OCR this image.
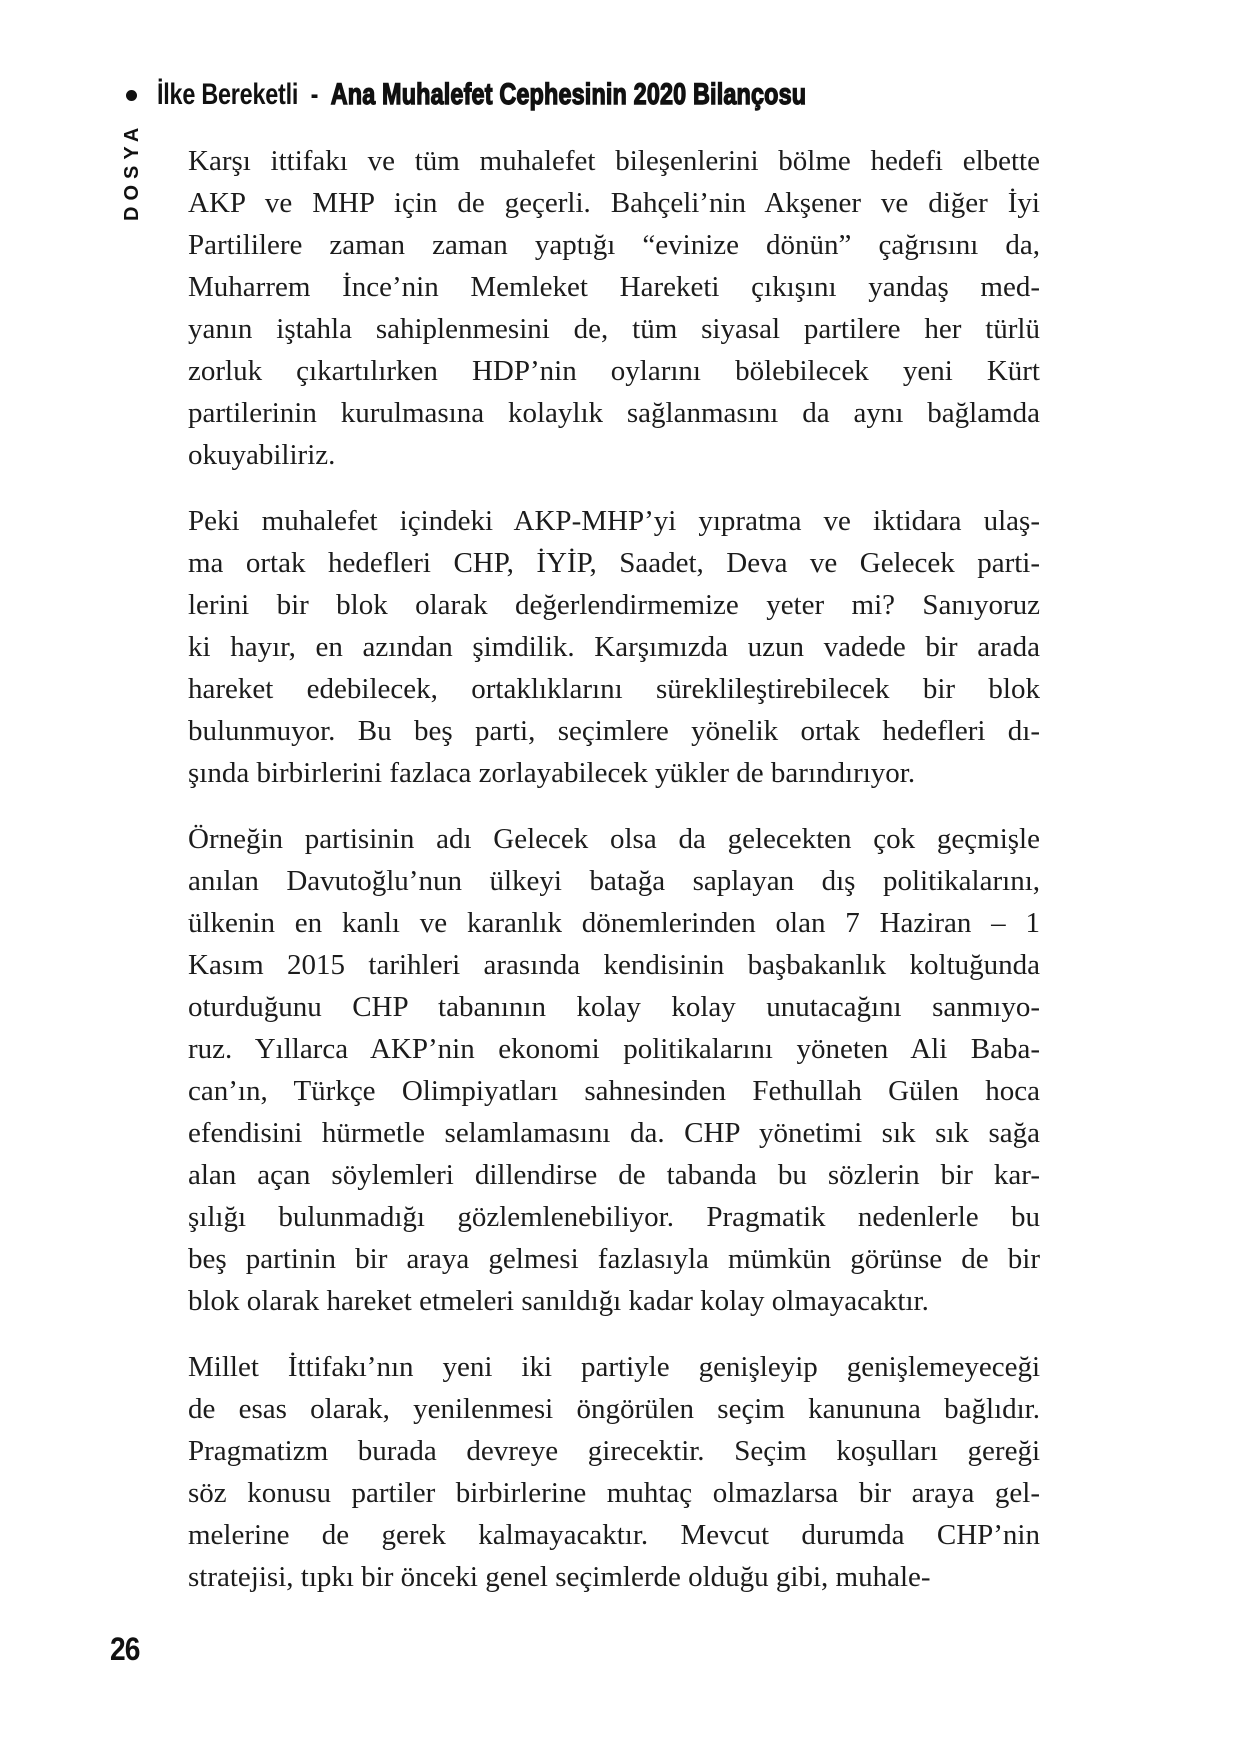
İlke Bereketli - Ana Muhalefet Cephesinin 2020 Bilançosu
DOSYA Karşı ittifakı ve tüm muhalefet bileşenlerini bölme hedefi elbette
AKP ve MHP için de geçerli. Bahçeli’nin Akşener ve diğer İyi
Partililere zaman zaman yaptığı “evinize dönün” çağrısını da,
Muharrem İnce’nin Memleket Hareketi çıkışını yandaş med-
yanın iştahla sahiplenmesini de, tüm siyasal partilere her türlü
zorluk çıkartılırken HDP’nin oylarını bölebilecek yeni Kürt
partilerinin kurulmasına kolaylık sağlanmasını da aynı bağlamda
okuyabiliriz.
Peki muhalefet içindeki AKP-MHP’yi yıpratma ve iktidara ulaş-
ma ortak hedefleri CHP, İYİP, Saadet, Deva ve Gelecek parti-
lerini bir blok olarak değerlendirmemize yeter mi? Sanıyoruz
ki hayır, en azından şimdilik. Karşımızda uzun vadede bir arada
hareket edebilecek, ortaklıklarını süreklileştirebilecek bir blok
bulunmuyor. Bu beş parti, seçimlere yönelik ortak hedefleri dı-
şında birbirlerini fazlaca zorlayabilecek yükler de barındırıyor.
Örneğin partisinin adı Gelecek olsa da gelecekten çok geçmişle
anılan Davutoğlu’nun ülkeyi batağa saplayan dış politikalarını,
ülkenin en kanlı ve karanlık dönemlerinden olan 7 Haziran – 1
Kasım 2015 tarihleri arasında kendisinin başbakanlık koltuğunda
oturduğunu CHP tabanının kolay kolay unutacağını sanmıyo-
ruz. Yıllarca AKP’nin ekonomi politikalarını yöneten Ali Baba-
can’ın, Türkçe Olimpiyatları sahnesinden Fethullah Gülen hoca
efendisini hürmetle selamlamasını da. CHP yönetimi sık sık sağa
alan açan söylemleri dillendirse de tabanda bu sözlerin bir kar-
şılığı bulunmadığı gözlemlenebiliyor. Pragmatik nedenlerle bu
beş partinin bir araya gelmesi fazlasıyla mümkün görünse de bir
blok olarak hareket etmeleri sanıldığı kadar kolay olmayacaktır.
Millet İttifakı’nın yeni iki partiyle genişleyip genişlemeyeceği
de esas olarak, yenilenmesi öngörülen seçim kanununa bağlıdır.
Pragmatizm burada devreye girecektir. Seçim koşulları gereği
söz konusu partiler birbirlerine muhtaç olmazlarsa bir araya gel-
melerine de gerek kalmayacaktır. Mevcut durumda CHP’nin
stratejisi, tıpkı bir önceki genel seçimlerde olduğu gibi, muhale-
26
